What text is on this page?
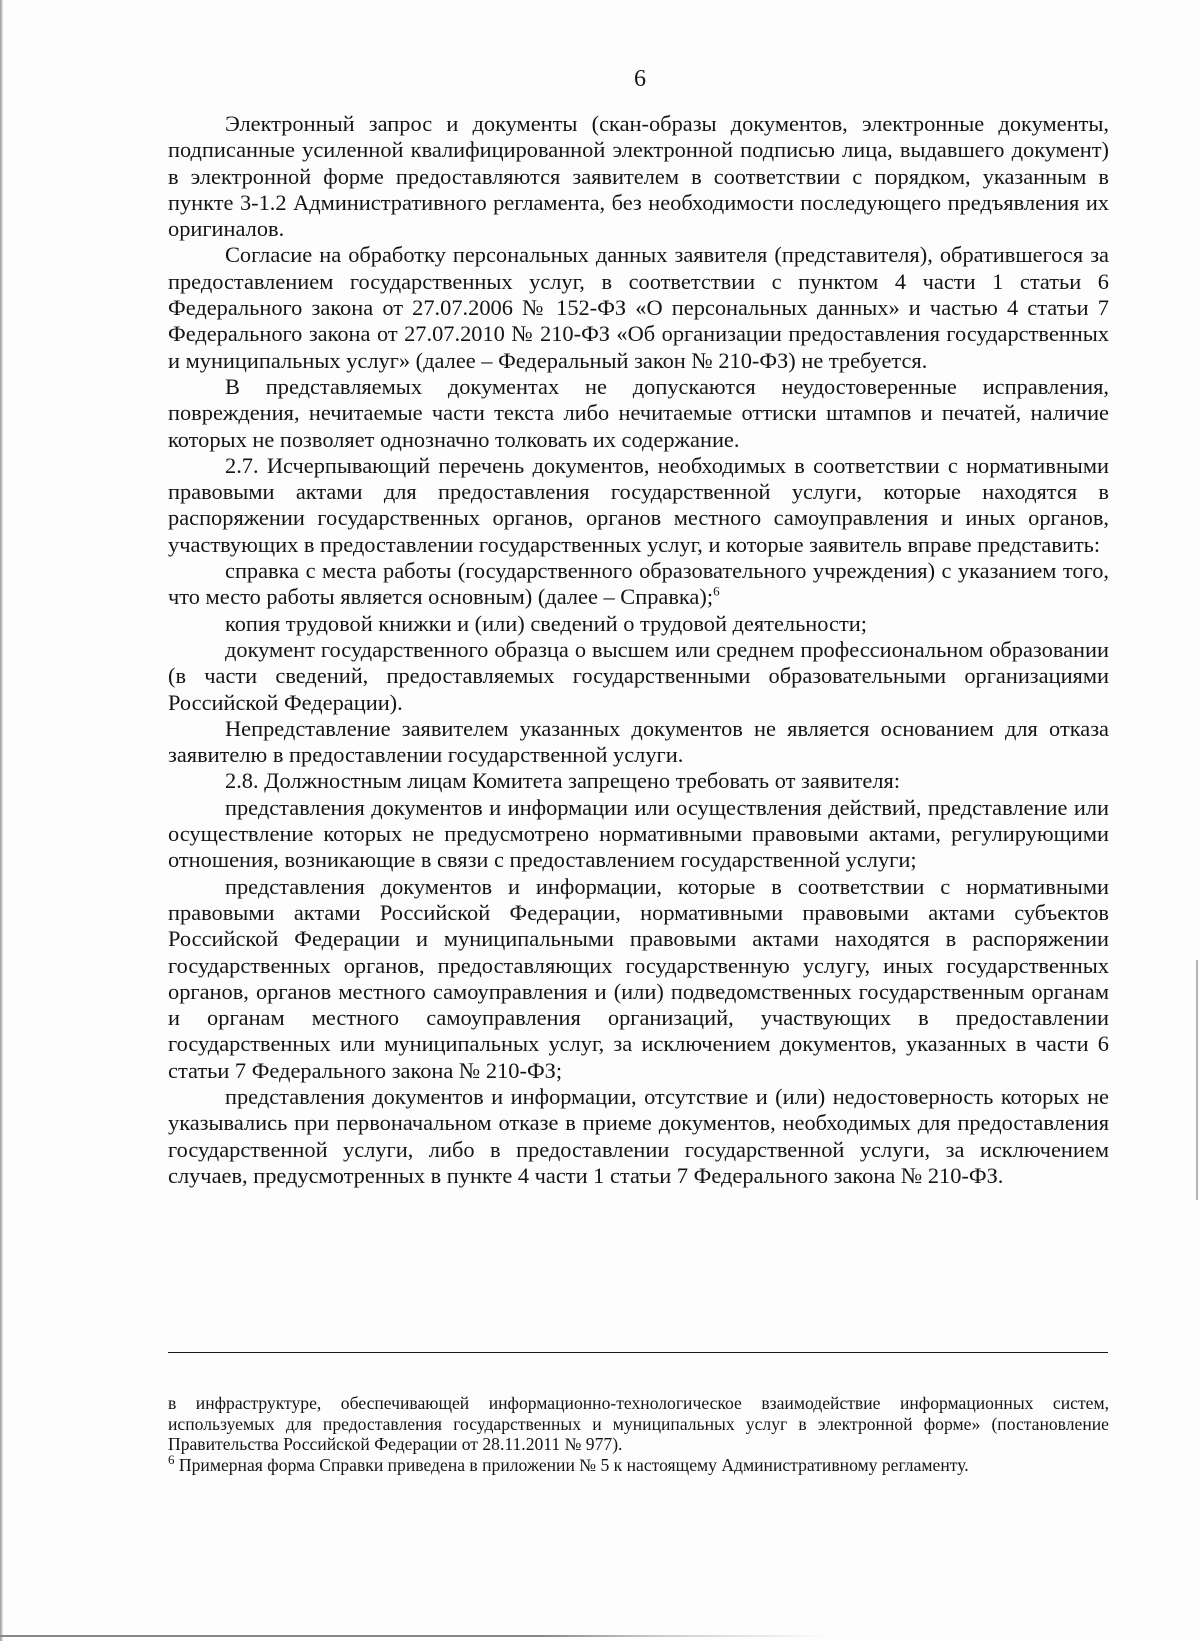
6

Электронный запрос и документы (скан-образы документов, электронные документы, подписанные усиленной квалифицированной электронной подписью лица, выдавшего документ) в электронной форме предоставляются заявителем в соответствии с порядком, указанным в пункте 3-1.2 Административного регламента, без необходимости последующего предъявления их оригиналов.

Согласие на обработку персональных данных заявителя (представителя), обратившегося за предоставлением государственных услуг, в соответствии с пунктом 4 части 1 статьи 6 Федерального закона от 27.07.2006 № 152-ФЗ «О персональных данных» и частью 4 статьи 7 Федерального закона от 27.07.2010 № 210-ФЗ «Об организации предоставления государственных и муниципальных услуг» (далее – Федеральный закон № 210-ФЗ) не требуется.

В представляемых документах не допускаются неудостоверенные исправления, повреждения, нечитаемые части текста либо нечитаемые оттиски штампов и печатей, наличие которых не позволяет однозначно толковать их содержание.

2.7. Исчерпывающий перечень документов, необходимых в соответствии с нормативными правовыми актами для предоставления государственной услуги, которые находятся в распоряжении государственных органов, органов местного самоуправления и иных органов, участвующих в предоставлении государственных услуг, и которые заявитель вправе представить:

справка с места работы (государственного образовательного учреждения) с указанием того, что место работы является основным) (далее – Справка);$^6$

копия трудовой книжки и (или) сведений о трудовой деятельности;

документ государственного образца о высшем или среднем профессиональном образовании (в части сведений, предоставляемых государственными образовательными организациями Российской Федерации).

Непредставление заявителем указанных документов не является основанием для отказа заявителю в предоставлении государственной услуги.

2.8. Должностным лицам Комитета запрещено требовать от заявителя:

представления документов и информации или осуществления действий, представление или осуществление которых не предусмотрено нормативными правовыми актами, регулирующими отношения, возникающие в связи с предоставлением государственной услуги;

представления документов и информации, которые в соответствии с нормативными правовыми актами Российской Федерации, нормативными правовыми актами субъектов Российской Федерации и муниципальными правовыми актами находятся в распоряжении государственных органов, предоставляющих государственную услугу, иных государственных органов, органов местного самоуправления и (или) подведомственных государственным органам и органам местного самоуправления организаций, участвующих в предоставлении государственных или муниципальных услуг, за исключением документов, указанных в части 6 статьи 7 Федерального закона № 210-ФЗ;

представления документов и информации, отсутствие и (или) недостоверность которых не указывались при первоначальном отказе в приеме документов, необходимых для предоставления государственной услуги, либо в предоставлении государственной услуги, за исключением случаев, предусмотренных в пункте 4 части 1 статьи 7 Федерального закона № 210-ФЗ.

в инфраструктуре, обеспечивающей информационно-технологическое взаимодействие информационных систем, используемых для предоставления государственных и муниципальных услуг в электронной форме» (постановление Правительства Российской Федерации от 28.11.2011 № 977).

$^6$ Примерная форма Справки приведена в приложении № 5 к настоящему Административному регламенту.
